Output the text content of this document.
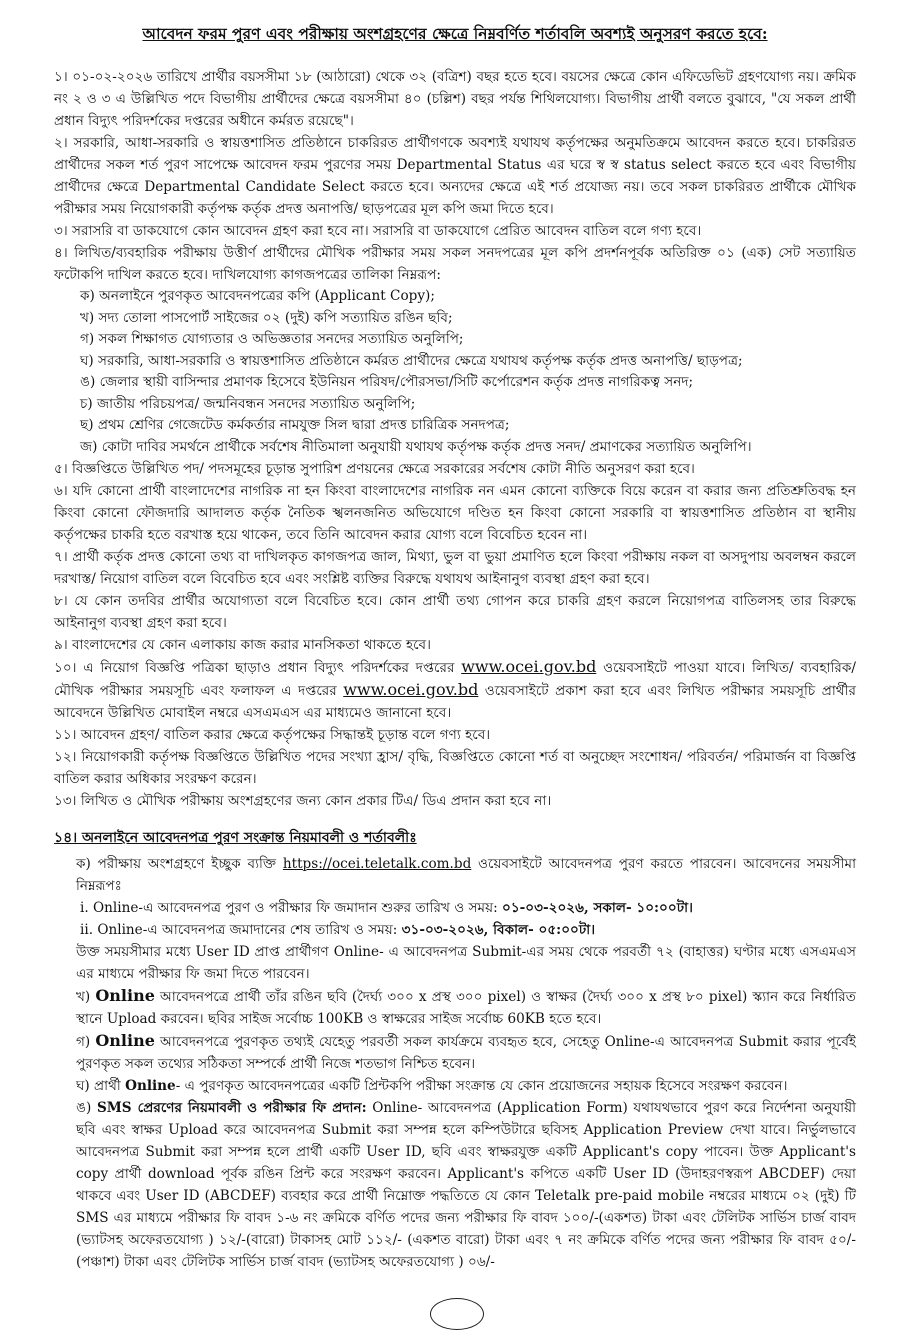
আবেদন ফরম পুরণ এবং পরীক্ষায় অংশগ্রহণের ক্ষেত্রে নিম্নবর্ণিত শর্তাবলি অবশ্যই অনুসরণ করতে হবে:

১। ০১-০২-২০২৬ তারিখে প্রার্থীর বয়সসীমা ১৮ (আঠারো) থেকে ৩২ (বত্রিশ) বছর হতে হবে। বয়সের ক্ষেত্রে কোন এফিডেভিট গ্রহণযোগ্য নয়। ক্রমিক নং ২ ও ৩ এ উল্লিখিত পদে বিভাগীয় প্রার্থীদের ক্ষেত্রে বয়সসীমা ৪০ (চল্লিশ) বছর পর্যন্ত শিথিলযোগ্য। বিভাগীয় প্রার্থী বলতে বুঝাবে, "যে সকল প্রার্থী প্রধান বিদ্যুৎ পরিদর্শকের দপ্তরের অধীনে কর্মরত রয়েছে"।

২। সরকারি, আধা-সরকারি ও স্বায়ত্তশাসিত প্রতিষ্ঠানে চাকরিরত প্রার্থীগণকে অবশ্যই যথাযথ কর্তৃপক্ষের অনুমতিক্রমে আবেদন করতে হবে। চাকরিরত প্রার্থীদের সকল শর্ত পুরণ সাপেক্ষে আবেদন ফরম পুরণের সময় Departmental Status এর ঘরে স্ব স্ব status select করতে হবে এবং বিভাগীয় প্রার্থীদের ক্ষেত্রে Departmental Candidate Select করতে হবে। অন্যদের ক্ষেত্রে এই শর্ত প্রযোজ্য নয়। তবে সকল চাকরিরত প্রার্থীকে মৌখিক পরীক্ষার সময় নিয়োগকারী কর্তৃপক্ষ কর্তৃক প্রদত্ত অনাপত্তি/ ছাড়পত্রের মূল কপি জমা দিতে হবে।

৩। সরাসরি বা ডাকযোগে কোন আবেদন গ্রহণ করা হবে না। সরাসরি বা ডাকযোগে প্রেরিত আবেদন বাতিল বলে গণ্য হবে।

৪। লিখিত/ব্যবহারিক পরীক্ষায় উত্তীর্ণ প্রার্থীদের মৌখিক পরীক্ষার সময় সকল সনদপত্রের মূল কপি প্রদর্শনপূর্বক অতিরিক্ত ০১ (এক) সেট সত্যায়িত ফটোকপি দাখিল করতে হবে। দাখিলযোগ্য কাগজপত্রের তালিকা নিম্নরূপ:

ক) অনলাইনে পুরণকৃত আবেদনপত্রের কপি (Applicant Copy);

খ) সদ্য তোলা পাসপোর্ট সাইজের ০২ (দুই) কপি সত্যায়িত রঙিন ছবি;

গ) সকল শিক্ষাগত যোগ্যতার ও অভিজ্ঞতার সনদের সত্যায়িত অনুলিপি;

ঘ) সরকারি, আধা-সরকারি ও স্বায়ত্তশাসিত প্রতিষ্ঠানে কর্মরত প্রার্থীদের ক্ষেত্রে যথাযথ কর্তৃপক্ষ কর্তৃক প্রদত্ত অনাপত্তি/ ছাড়পত্র;

ঙ) জেলার স্থায়ী বাসিন্দার প্রমাণক হিসেবে ইউনিয়ন পরিষদ/পৌরসভা/সিটি কর্পোরেশন কর্তৃক প্রদত্ত নাগরিকত্ব সনদ;

চ) জাতীয় পরিচয়পত্র/ জন্মনিবন্ধন সনদের সত্যায়িত অনুলিপি;

ছ) প্রথম শ্রেণির গেজেটেড কর্মকর্তার নামযুক্ত সিল দ্বারা প্রদত্ত চারিত্রিক সনদপত্র;

জ) কোটা দাবির সমর্থনে প্রার্থীকে সর্বশেষ নীতিমালা অনুযায়ী যথাযথ কর্তৃপক্ষ কর্তৃক প্রদত্ত সনদ/ প্রমাণকের সত্যায়িত অনুলিপি।

৫। বিজ্ঞপ্তিতে উল্লিখিত পদ/ পদসমূহের চূড়ান্ত সুপারিশ প্রণয়নের ক্ষেত্রে সরকারের সর্বশেষ কোটা নীতি অনুসরণ করা হবে।

৬। যদি কোনো প্রার্থী বাংলাদেশের নাগরিক না হন কিংবা বাংলাদেশের নাগরিক নন এমন কোনো ব্যক্তিকে বিয়ে করেন বা করার জন্য প্রতিশ্রুতিবদ্ধ হন কিংবা কোনো ফৌজদারি আদালত কর্তৃক নৈতিক স্খলনজনিত অভিযোগে দণ্ডিত হন কিংবা কোনো সরকারি বা স্বায়ত্তশাসিত প্রতিষ্ঠান বা স্থানীয় কর্তৃপক্ষের চাকরি হতে বরখাস্ত হয়ে থাকেন, তবে তিনি আবেদন করার যোগ্য বলে বিবেচিত হবেন না।

৭। প্রার্থী কর্তৃক প্রদত্ত কোনো তথ্য বা দাখিলকৃত কাগজপত্র জাল, মিথ্যা, ভুল বা ভুয়া প্রমাণিত হলে কিংবা পরীক্ষায় নকল বা অসদুপায় অবলম্বন করলে দরখাস্ত/ নিয়োগ বাতিল বলে বিবেচিত হবে এবং সংশ্লিষ্ট ব্যক্তির বিরুদ্ধে যথাযথ আইনানুগ ব্যবস্থা গ্রহণ করা হবে।

৮। যে কোন তদবির প্রার্থীর অযোগ্যতা বলে বিবেচিত হবে। কোন প্রার্থী তথ্য গোপন করে চাকরি গ্রহণ করলে নিয়োগপত্র বাতিলসহ তার বিরুদ্ধে আইনানুগ ব্যবস্থা গ্রহণ করা হবে।

৯। বাংলাদেশের যে কোন এলাকায় কাজ করার মানসিকতা থাকতে হবে।

১০। এ নিয়োগ বিজ্ঞপ্তি পত্রিকা ছাড়াও প্রধান বিদ্যুৎ পরিদর্শকের দপ্তরের www.ocei.gov.bd ওয়েবসাইটে পাওয়া যাবে। লিখিত/ ব্যবহারিক/ মৌখিক পরীক্ষার সময়সূচি এবং ফলাফল এ দপ্তরের www.ocei.gov.bd ওয়েবসাইটে প্রকাশ করা হবে এবং লিখিত পরীক্ষার সময়সূচি প্রার্থীর আবেদনে উল্লিখিত মোবাইল নম্বরে এসএমএস এর মাধ্যমেও জানানো হবে।

১১। আবেদন গ্রহণ/ বাতিল করার ক্ষেত্রে কর্তৃপক্ষের সিদ্ধান্তই চূড়ান্ত বলে গণ্য হবে।

১২। নিয়োগকারী কর্তৃপক্ষ বিজ্ঞপ্তিতে উল্লিখিত পদের সংখ্যা হ্রাস/ বৃদ্ধি, বিজ্ঞপ্তিতে কোনো শর্ত বা অনুচ্ছেদ সংশোধন/ পরিবর্তন/ পরিমার্জন বা বিজ্ঞপ্তি বাতিল করার অধিকার সংরক্ষণ করেন।

১৩। লিখিত ও মৌখিক পরীক্ষায় অংশগ্রহণের জন্য কোন প্রকার টিএ/ ডিএ প্রদান করা হবে না।

১৪। অনলাইনে আবেদনপত্র পুরণ সংক্রান্ত নিয়মাবলী ও শর্তাবলীঃ

ক) পরীক্ষায় অংশগ্রহণে ইচ্ছুক ব্যক্তি https://ocei.teletalk.com.bd ওয়েবসাইটে আবেদনপত্র পুরণ করতে পারবেন। আবেদনের সময়সীমা নিম্নরূপঃ

i. Online-এ আবেদনপত্র পুরণ ও পরীক্ষার ফি জমাদান শুরুর তারিখ ও সময়: ০১-০৩-২০২৬, সকাল- ১০:০০টা।

ii. Online-এ আবেদনপত্র জমাদানের শেষ তারিখ ও সময়: ৩১-০৩-২০২৬, বিকাল- ০৫:০০টা।

উক্ত সময়সীমার মধ্যে User ID প্রাপ্ত প্রার্থীগণ Online- এ আবেদনপত্র Submit-এর সময় থেকে পরবর্তী ৭২ (বাহাত্তর) ঘণ্টার মধ্যে এসএমএস এর মাধ্যমে পরীক্ষার ফি জমা দিতে পারবেন।

খ) Online আবেদনপত্রে প্রার্থী তাঁর রঙিন ছবি (দৈর্ঘ্য ৩০০ x প্রস্থ ৩০০ pixel) ও স্বাক্ষর (দৈর্ঘ্য ৩০০ x প্রস্থ ৮০ pixel) স্ক্যান করে নির্ধারিত স্থানে Upload করবেন। ছবির সাইজ সর্বোচ্চ 100KB ও স্বাক্ষরের সাইজ সর্বোচ্চ 60KB হতে হবে।

গ) Online আবেদনপত্রে পুরণকৃত তথ্যই যেহেতু পরবর্তী সকল কার্যক্রমে ব্যবহৃত হবে, সেহেতু Online-এ আবেদনপত্র Submit করার পূর্বেই পুরণকৃত সকল তথ্যের সঠিকতা সম্পর্কে প্রার্থী নিজে শতভাগ নিশ্চিত হবেন।

ঘ) প্রার্থী Online- এ পুরণকৃত আবেদনপত্রের একটি প্রিন্টকপি পরীক্ষা সংক্রান্ত যে কোন প্রয়োজনের সহায়ক হিসেবে সংরক্ষণ করবেন।

ঙ) SMS প্রেরণের নিয়মাবলী ও পরীক্ষার ফি প্রদান: Online- আবেদনপত্র (Application Form) যথাযথভাবে পুরণ করে নির্দেশনা অনুযায়ী ছবি এবং স্বাক্ষর Upload করে আবেদনপত্র Submit করা সম্পন্ন হলে কম্পিউটারে ছবিসহ Application Preview দেখা যাবে। নির্ভুলভাবে আবেদনপত্র Submit করা সম্পন্ন হলে প্রার্থী একটি User ID, ছবি এবং স্বাক্ষরযুক্ত একটি Applicant's copy পাবেন। উক্ত Applicant's copy প্রার্থী download পূর্বক রঙিন প্রিন্ট করে সংরক্ষণ করবেন। Applicant's কপিতে একটি User ID (উদাহরণস্বরূপ ABCDEF) দেয়া থাকবে এবং User ID (ABCDEF) ব্যবহার করে প্রার্থী নিম্নোক্ত পদ্ধতিতে যে কোন Teletalk pre-paid mobile নম্বরের মাধ্যমে ০২ (দুই) টি SMS এর মাধ্যমে পরীক্ষার ফি বাবদ ১-৬ নং ক্রমিকে বর্ণিত পদের জন্য পরীক্ষার ফি বাবদ ১০০/-(একশত) টাকা এবং টেলিটক সার্ভিস চার্জ বাবদ (ভ্যাটসহ অফেরতযোগ্য ) ১২/-(বারো) টাকাসহ মোট ১১২/- (একশত বারো) টাকা এবং ৭ নং ক্রমিকে বর্ণিত পদের জন্য পরীক্ষার ফি বাবদ ৫০/-(পঞ্চাশ) টাকা এবং টেলিটক সার্ভিস চার্জ বাবদ (ভ্যাটসহ অফেরতযোগ্য ) ০৬/-
